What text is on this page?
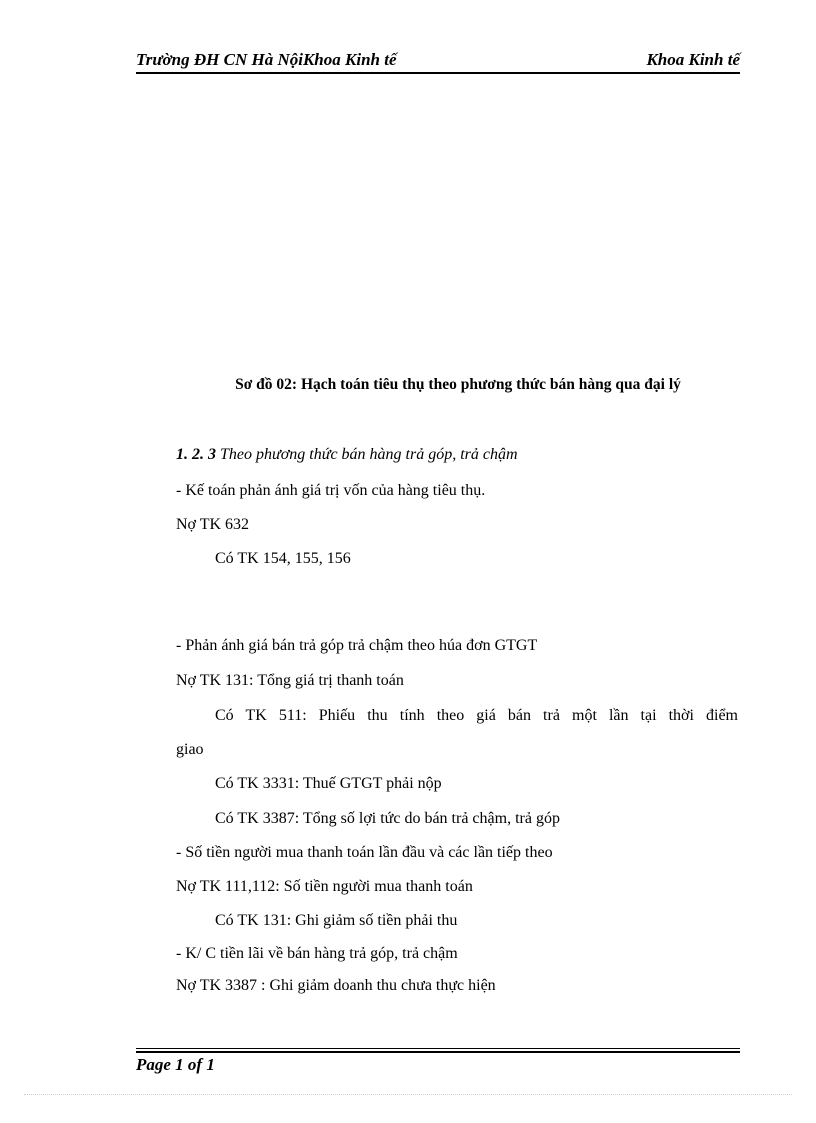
Trường ĐH CN Hà NộiKhoa Kinh tế	Khoa Kinh tế
Sơ đồ 02: Hạch toán tiêu thụ theo phương thức bán hàng qua đại lý
1. 2. 3 Theo phương thức bán hàng trả góp, trả chậm
- Kế toán phản ánh giá trị vốn của hàng tiêu thụ.
Nợ TK 632
Có TK 154, 155, 156
- Phản ánh giá bán trả góp trả chậm theo húa đơn GTGT
Nợ TK 131: Tổng giá trị thanh toán
Có TK 511: Phiếu thu tính theo giá bán trả một lần tại thời điểm
giao
Có TK 3331: Thuế GTGT phải nộp
Có TK 3387: Tổng số lợi tức do bán trả chậm, trả góp
- Số tiền người mua thanh toán lần đầu và các lần tiếp theo
Nợ TK 111,112: Số tiền người mua thanh toán
Có TK 131: Ghi giảm số tiền phải thu
- K/ C tiền lãi về bán hàng trả góp, trả chậm
Nợ TK 3387 : Ghi giảm doanh thu chưa thực hiện
Page 1 of 1
